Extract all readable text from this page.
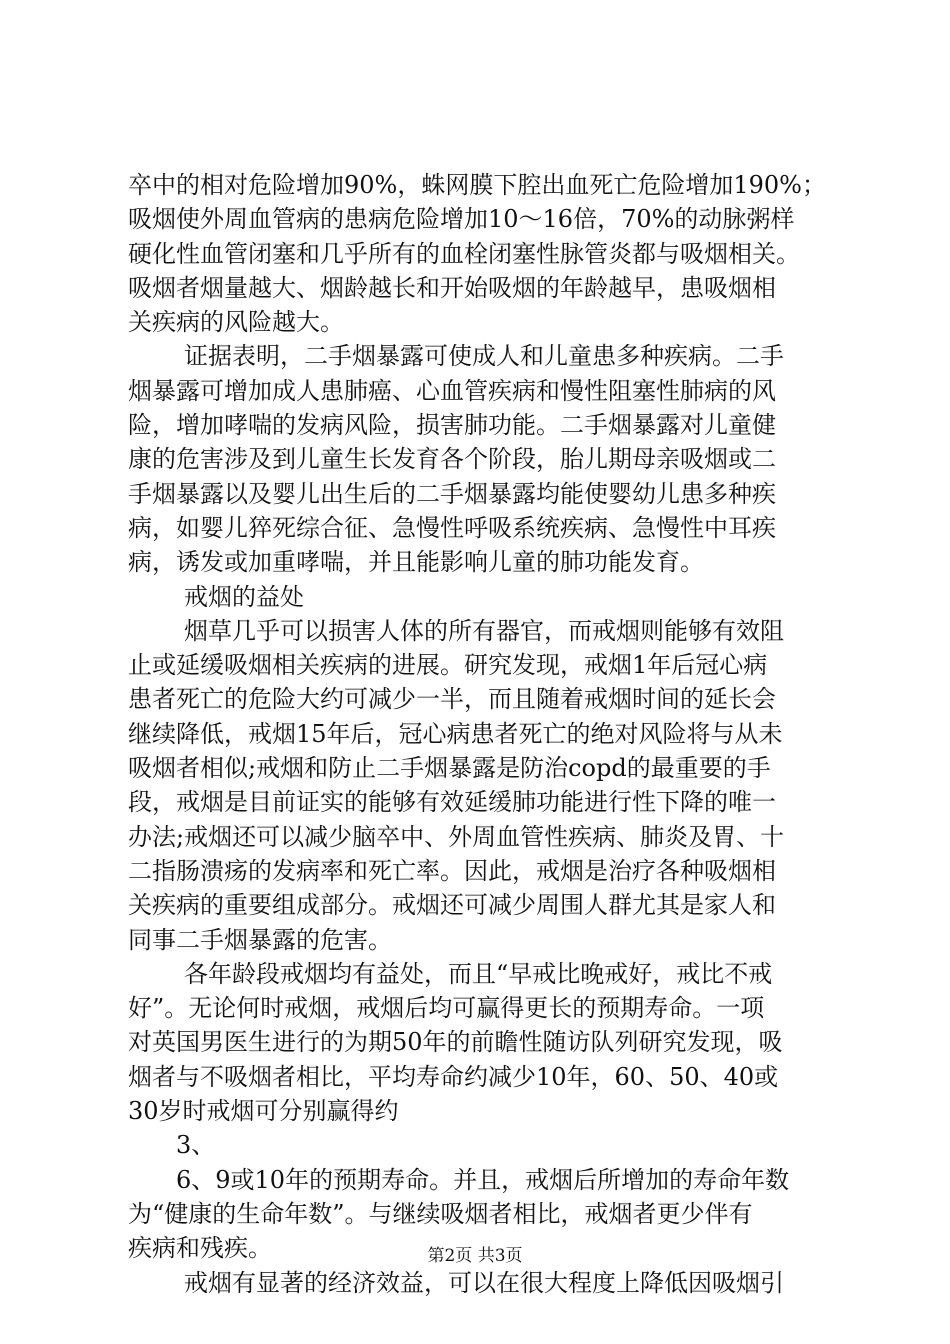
卒中的相对危险增加90%，蛛网膜下腔出血死亡危险增加190%；
吸烟使外周血管病的患病危险增加10～16倍，70%的动脉粥样
硬化性血管闭塞和几乎所有的血栓闭塞性脉管炎都与吸烟相关。
吸烟者烟量越大、烟龄越长和开始吸烟的年龄越早，患吸烟相
关疾病的风险越大。
证据表明，二手烟暴露可使成人和儿童患多种疾病。二手
烟暴露可增加成人患肺癌、心血管疾病和慢性阻塞性肺病的风
险，增加哮喘的发病风险，损害肺功能。二手烟暴露对儿童健
康的危害涉及到儿童生长发育各个阶段，胎儿期母亲吸烟或二
手烟暴露以及婴儿出生后的二手烟暴露均能使婴幼儿患多种疾
病，如婴儿猝死综合征、急慢性呼吸系统疾病、急慢性中耳疾
病，诱发或加重哮喘，并且能影响儿童的肺功能发育。
戒烟的益处
烟草几乎可以损害人体的所有器官，而戒烟则能够有效阻
止或延缓吸烟相关疾病的进展。研究发现，戒烟1年后冠心病
患者死亡的危险大约可减少一半，而且随着戒烟时间的延长会
继续降低，戒烟15年后，冠心病患者死亡的绝对风险将与从未
吸烟者相似;戒烟和防止二手烟暴露是防治copd的最重要的手
段，戒烟是目前证实的能够有效延缓肺功能进行性下降的唯一
办法;戒烟还可以减少脑卒中、外周血管性疾病、肺炎及胃、十
二指肠溃疡的发病率和死亡率。因此，戒烟是治疗各种吸烟相
关疾病的重要组成部分。戒烟还可减少周围人群尤其是家人和
同事二手烟暴露的危害。
各年龄段戒烟均有益处，而且“早戒比晚戒好，戒比不戒
好”。无论何时戒烟，戒烟后均可赢得更长的预期寿命。一项
对英国男医生进行的为期50年的前瞻性随访队列研究发现，吸
烟者与不吸烟者相比，平均寿命约减少10年，60、50、40或
30岁时戒烟可分别赢得约
3、
6、9或10年的预期寿命。并且，戒烟后所增加的寿命年数
为“健康的生命年数”。与继续吸烟者相比，戒烟者更少伴有
疾病和残疾。
戒烟有显著的经济效益，可以在很大程度上降低因吸烟引
第2页 共3页
